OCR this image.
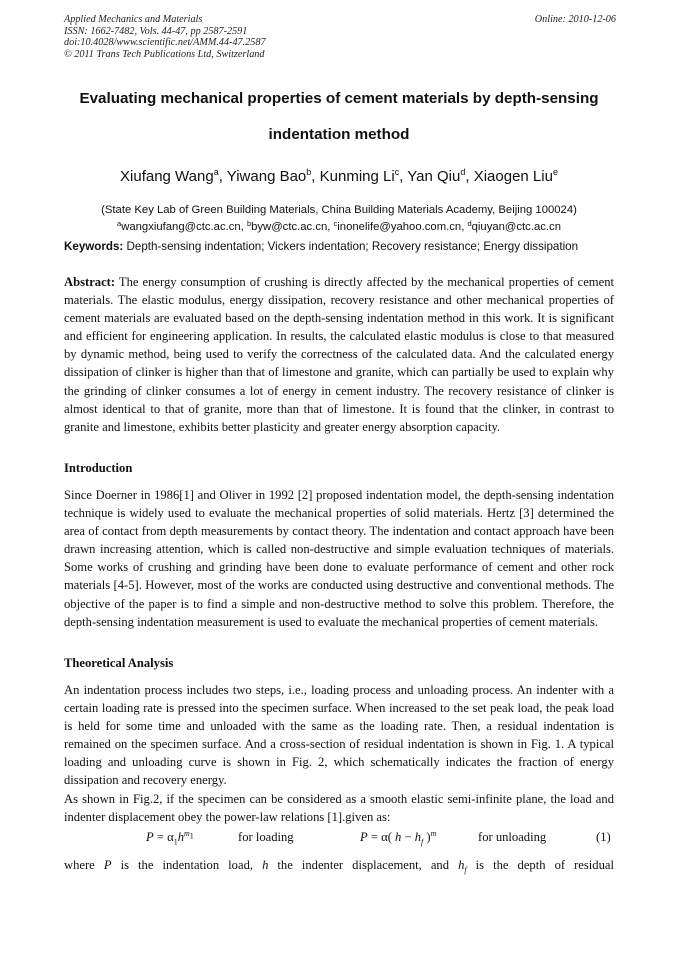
Applied Mechanics and Materials
ISSN: 1662-7482, Vols. 44-47, pp 2587-2591
doi:10.4028/www.scientific.net/AMM.44-47.2587
© 2011 Trans Tech Publications Ltd, Switzerland
Online: 2010-12-06
Evaluating mechanical properties of cement materials by depth-sensing
indentation method
Xiufang Wang$^a$, Yiwang Bao$^b$, Kunming Li$^c$, Yan Qiu$^d$, Xiaogen Liu$^e$
(State Key Lab of Green Building Materials, China Building Materials Academy, Beijing 100024)
$^a$wangxiufang@ctc.ac.cn, $^b$byw@ctc.ac.cn, $^c$inonelife@yahoo.com.cn, $^d$qiuyan@ctc.ac.cn
Keywords: Depth-sensing indentation; Vickers indentation; Recovery resistance; Energy dissipation
Abstract: The energy consumption of crushing is directly affected by the mechanical properties of cement materials. The elastic modulus, energy dissipation, recovery resistance and other mechanical properties of cement materials are evaluated based on the depth-sensing indentation method in this work. It is significant and efficient for engineering application. In results, the calculated elastic modulus is close to that measured by dynamic method, being used to verify the correctness of the calculated data. And the calculated energy dissipation of clinker is higher than that of limestone and granite, which can partially be used to explain why the grinding of clinker consumes a lot of energy in cement industry. The recovery resistance of clinker is almost identical to that of granite, more than that of limestone. It is found that the clinker, in contrast to granite and limestone, exhibits better plasticity and greater energy absorption capacity.
Introduction
Since Doerner in 1986[1] and Oliver in 1992 [2] proposed indentation model, the depth-sensing indentation technique is widely used to evaluate the mechanical properties of solid materials. Hertz [3] determined the area of contact from depth measurements by contact theory. The indentation and contact approach have been drawn increasing attention, which is called non-destructive and simple evaluation techniques of materials. Some works of crushing and grinding have been done to evaluate performance of cement and other rock materials [4-5]. However, most of the works are conducted using destructive and conventional methods. The objective of the paper is to find a simple and non-destructive method to solve this problem. Therefore, the depth-sensing indentation measurement is used to evaluate the mechanical properties of cement materials.
Theoretical Analysis
An indentation process includes two steps, i.e., loading process and unloading process. An indenter with a certain loading rate is pressed into the specimen surface. When increased to the set peak load, the peak load is held for some time and unloaded with the same as the loading rate. Then, a residual indentation is remained on the specimen surface. And a cross-section of residual indentation is shown in Fig. 1. A typical loading and unloading curve is shown in Fig. 2, which schematically indicates the fraction of energy dissipation and recovery energy.
As shown in Fig.2, if the specimen can be considered as a smooth elastic semi-infinite plane, the load and indenter displacement obey the power-law relations [1].given as:
$P = \alpha_1h^{m_1}$	for loading	P = α( $h - h_f$ )$^m$	for unloading	(1)
where P is the indentation load, h the indenter displacement, and $h_f$ is the depth of residual
